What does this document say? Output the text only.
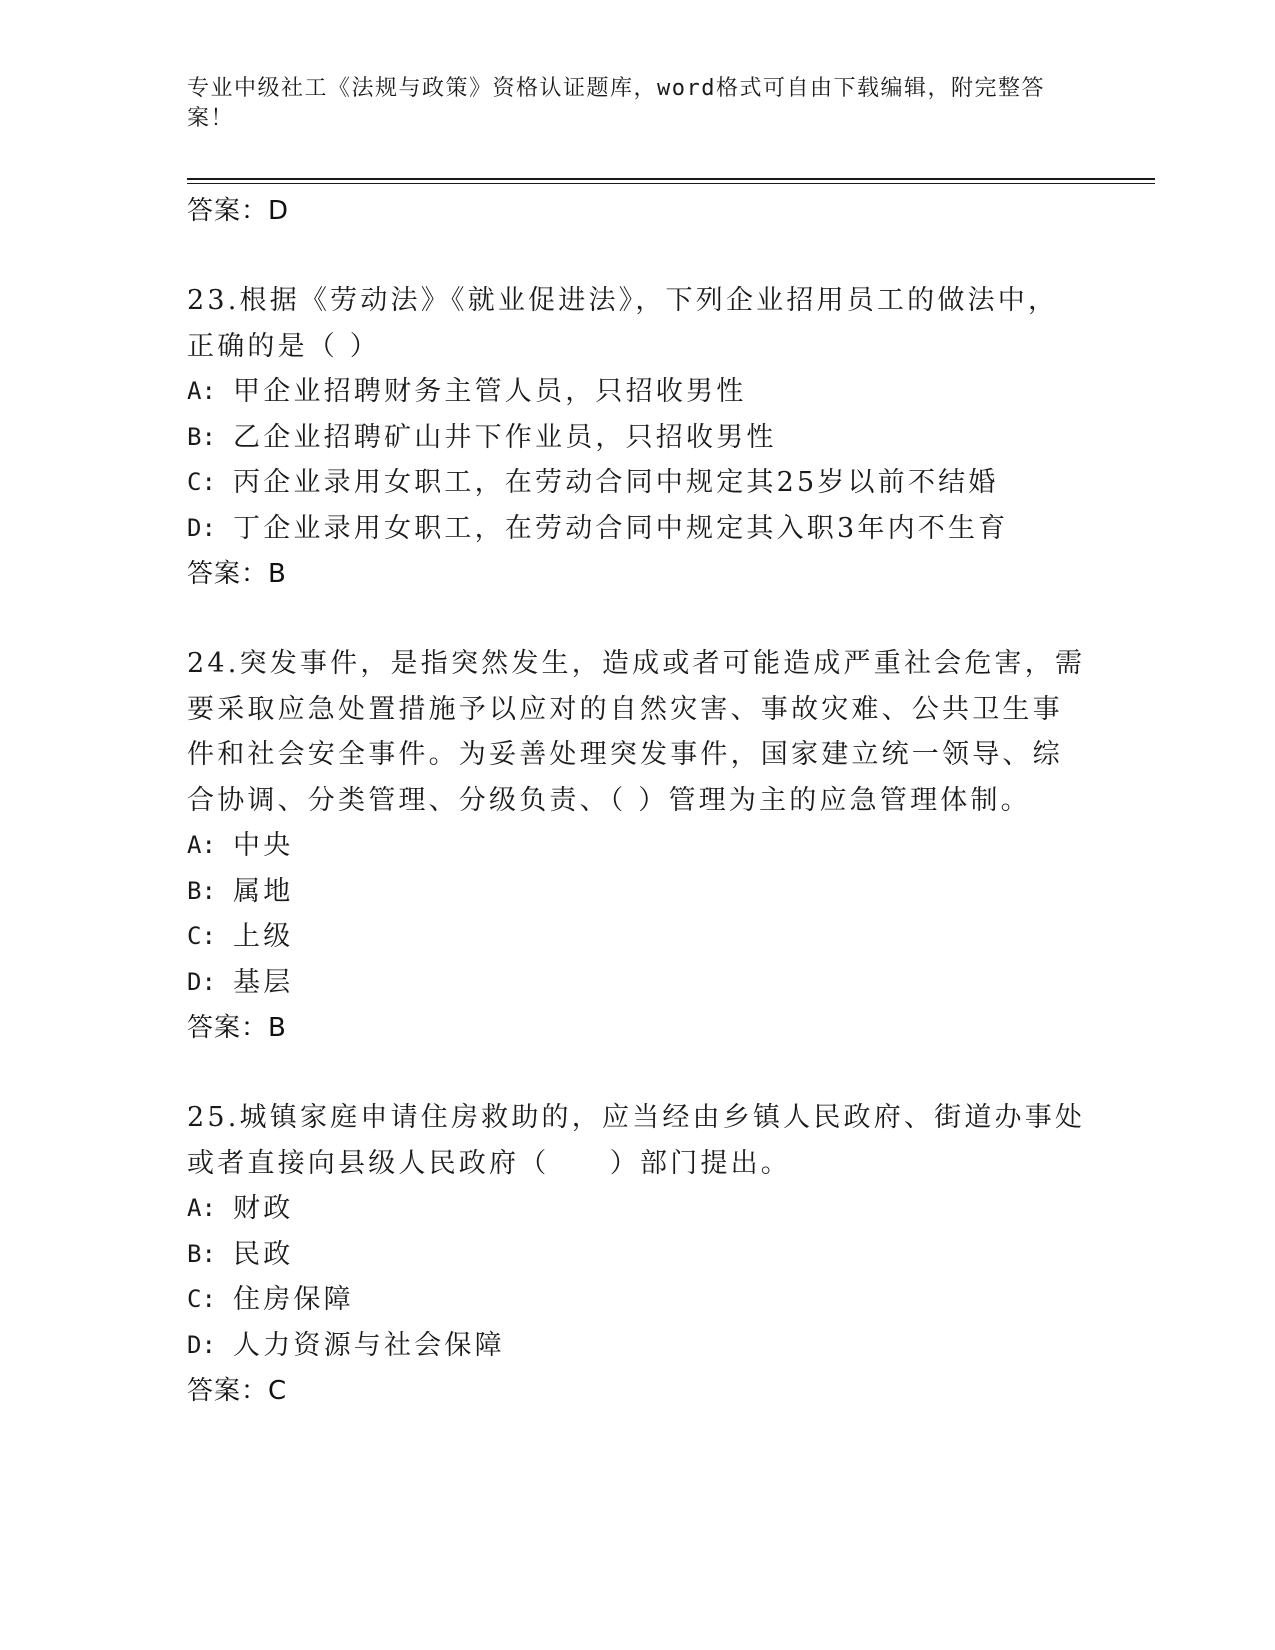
专业中级社工《法规与政策》资格认证题库，word格式可自由下载编辑，附完整答案！
答案：D

23.根据《劳动法》《就业促进法》，下列企业招用员工的做法中，正确的是（ ）

A: 甲企业招聘财务主管人员，只招收男性
B: 乙企业招聘矿山井下作业员，只招收男性
C: 丙企业录用女职工，在劳动合同中规定其25岁以前不结婚
D: 丁企业录用女职工，在劳动合同中规定其入职3年内不生育
答案：B

24.突发事件，是指突然发生，造成或者可能造成严重社会危害，需要采取应急处置措施予以应对的自然灾害、事故灾难、公共卫生事件和社会安全事件。为妥善处理突发事件，国家建立统一领导、综合协调、分类管理、分级负责、（ ）管理为主的应急管理体制。

A: 中央
B: 属地
C: 上级
D: 基层
答案：B

25.城镇家庭申请住房救助的，应当经由乡镇人民政府、街道办事处或者直接向县级人民政府（　　）部门提出。

A: 财政
B: 民政
C: 住房保障
D: 人力资源与社会保障
答案：C
